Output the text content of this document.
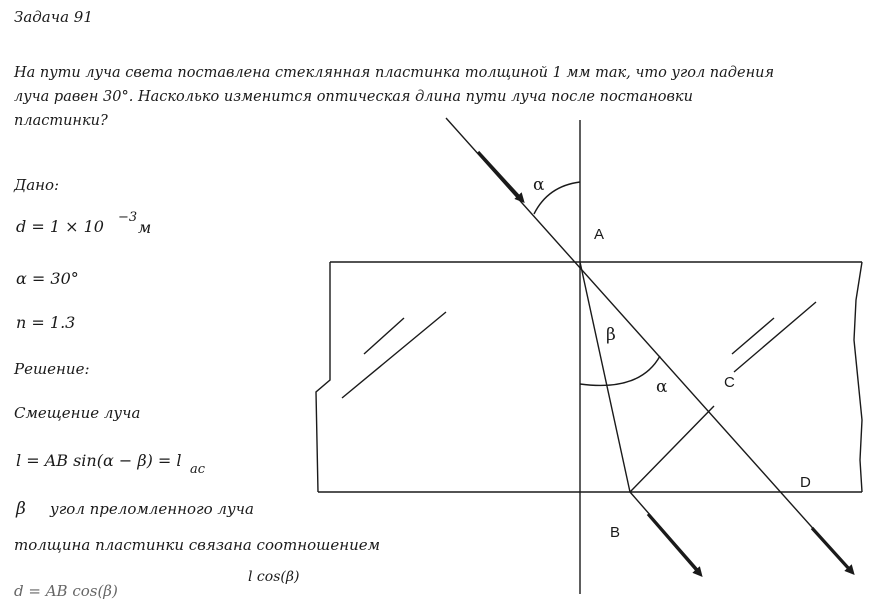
Задача 91
На пути луча света поставлена стеклянная пластинка толщиной 1 мм так, что угол падения
луча равен 30°. Насколько изменится оптическая длина пути луча после постановки
пластинки?
Дано:
d = 1 × 10 −3
м
α = 30°
n = 1.3
Решение:
Смещение луча
l = AB sin(α − β) = l ac
β угол преломленного луча
толщина пластинки связана соотношением
l cos(β)
d = AB cos(β)
α
A
β
α	C
D
B
